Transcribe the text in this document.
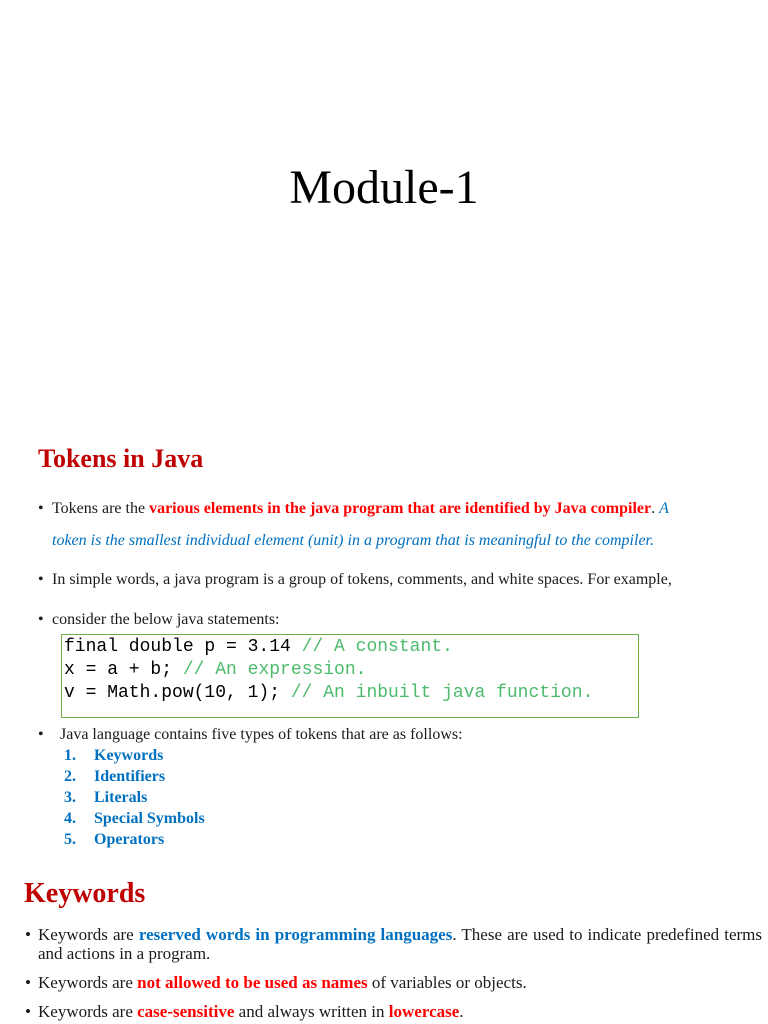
Module-1
Tokens in Java
• Tokens are the various elements in the java program that are identified by Java compiler. A
token is the smallest individual element (unit) in a program that is meaningful to the compiler.
• In simple words, a java program is a group of tokens, comments, and white spaces. For example,
• consider the below java statements:
final double p = 3.14 // A constant.
x = a + b; // An expression.
v = Math.pow(10, 1); // An inbuilt java function.
• Java language contains five types of tokens that are as follows:
1. Keywords
2. Identifiers
3. Literals
4. Special Symbols
5. Operators
Keywords
• Keywords are reserved words in programming languages. These are used to indicate predefined terms and actions in a program.
• Keywords are not allowed to be used as names of variables or objects.
• Keywords are case-sensitive and always written in lowercase.
